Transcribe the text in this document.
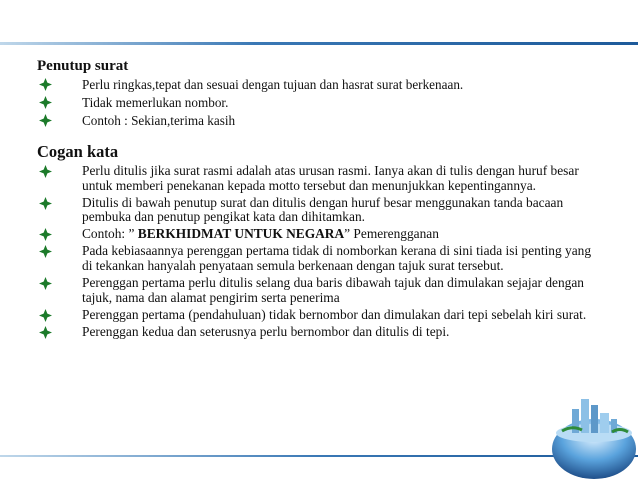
Penutup surat
Perlu ringkas,tepat dan sesuai dengan tujuan dan hasrat surat berkenaan.
Tidak memerlukan nombor.
Contoh : Sekian,terima kasih
Cogan kata
Perlu ditulis jika surat rasmi adalah atas urusan rasmi. Ianya akan di tulis dengan huruf besar untuk memberi penekanan kepada motto tersebut dan menunjukkan kepentingannya.
Ditulis di bawah penutup surat dan ditulis dengan huruf besar menggunakan tanda bacaan pembuka dan penutup pengikat kata dan dihitamkan.
Contoh: ” BERKHIDMAT UNTUK NEGARA” Pemerengganan
Pada kebiasaannya perenggan pertama tidak di nomborkan kerana di sini tiada isi penting yang di tekankan hanyalah penyataan semula berkenaan dengan tajuk surat tersebut.
Perenggan pertama perlu ditulis selang dua baris dibawah tajuk dan dimulakan sejajar dengan tajuk, nama dan alamat pengirim serta penerima
Perenggan pertama (pendahuluan) tidak bernombor dan dimulakan dari tepi sebelah kiri surat.
Perenggan kedua dan seterusnya perlu bernombor dan ditulis di tepi.
